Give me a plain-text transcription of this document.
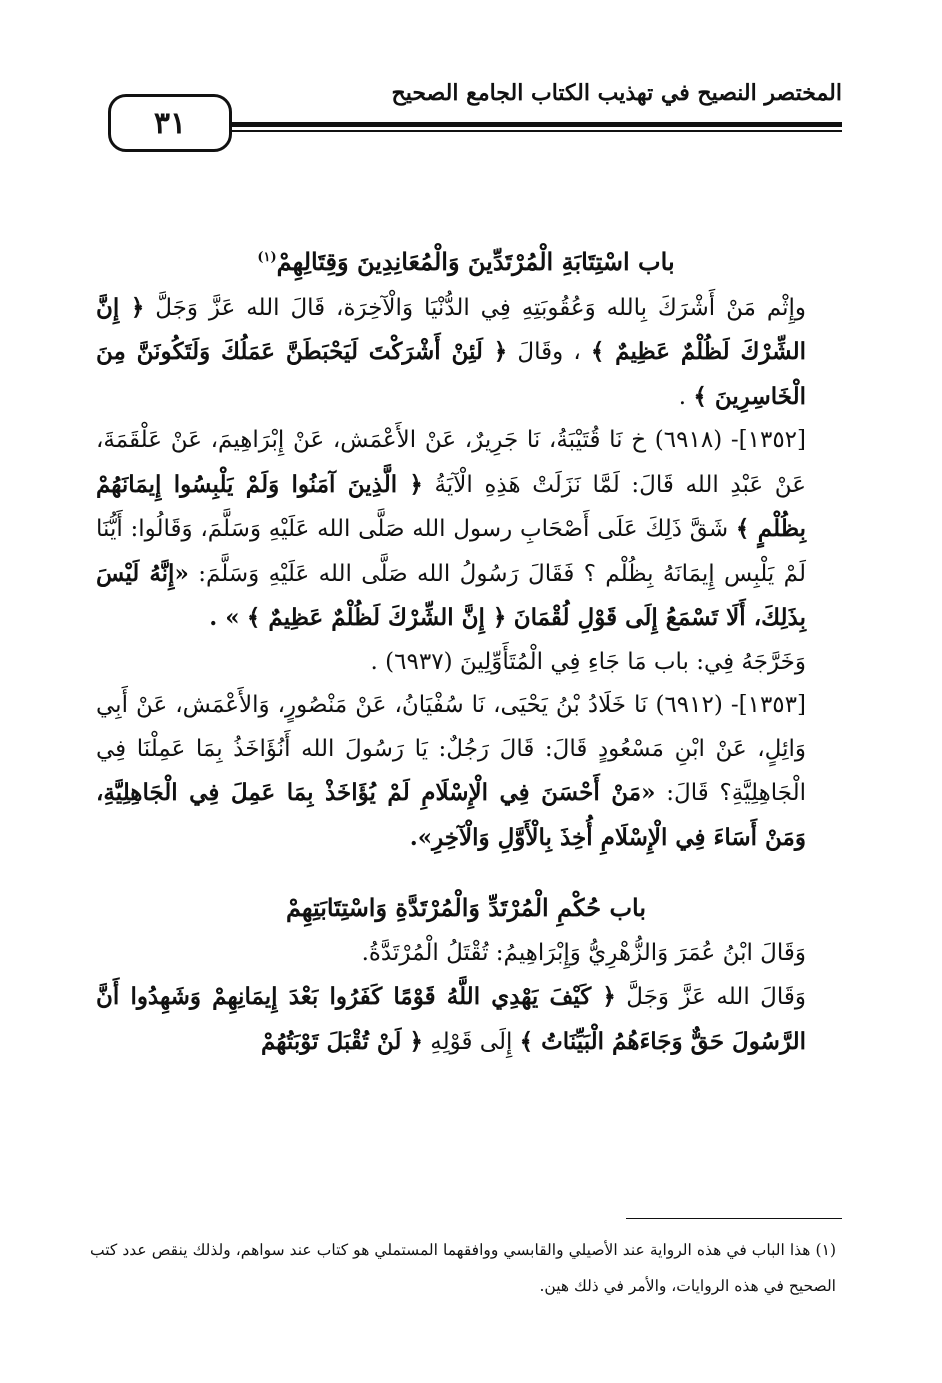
المختصر النصيح في تهذيب الكتاب الجامع الصحيح
٣١
باب اسْتِتَابَةِ الْمُرْتَدِّينَ وَالْمُعَانِدِينَ وَقِتَالِهِمْ$^{(١)}$

وإِثْم مَنْ أَشْرَكَ بِالله وَعُقُوبَتِهِ فِي الدُّنْيَا وَالْآخِرَة، قَالَ الله عَزَّ وَجَلَّ ﴿ إِنَّ الشِّرْكَ لَظُلْمٌ عَظِيمٌ ﴾ ، وقَالَ ﴿ لَئِنْ أَشْرَكْتَ لَيَحْبَطَنَّ عَمَلُكَ وَلَتَكُونَنَّ مِنَ الْخَاسِرِينَ ﴾ .

[١٣٥٢]- (٦٩١٨) خ نَا قُتَيْبَةُ، نَا جَرِيرٌ، عَنْ الأَعْمَش، عَنْ إِبْرَاهِيمَ، عَنْ عَلْقَمَةَ، عَنْ عَبْدِ الله قَالَ: لَمَّا نَزَلَتْ هَذِهِ الْآيَةُ ﴿ الَّذِينَ آمَنُوا وَلَمْ يَلْبِسُوا إِيمَانَهُمْ بِظُلْمٍ ﴾ شَقَّ ذَلِكَ عَلَى أَصْحَابِ رسول الله صَلَّى الله عَلَيْهِ وَسَلَّمَ، وَقَالُوا: أَيُّنَا لَمْ يَلْبِس إِيمَانَهُ بِظُلْم ؟ فَقَالَ رَسُولُ الله صَلَّى الله عَلَيْهِ وَسَلَّمَ: «إِنَّهُ لَيْسَ بِذَلِكَ، أَلَا تَسْمَعُ إِلَى قَوْلِ لُقْمَانَ ﴿ إِنَّ الشِّرْكَ لَظُلْمٌ عَظِيمٌ ﴾ » .

وَخَرَّجَهُ فِي: باب مَا جَاءِ فِي الْمُتَأَوِّلِينَ (٦٩٣٧) .

[١٣٥٣]- (٦٩١٢) نَا خَلَادُ بْنُ يَحْيَى، نَا سُفْيَانُ، عَنْ مَنْصُورٍ، وَالأَعْمَش، عَنْ أَبِي وَائِلٍ، عَنْ ابْنِ مَسْعُودٍ قَالَ: قَالَ رَجُلٌ: يَا رَسُولَ الله أَنُؤَاخَذُ بِمَا عَمِلْنَا فِي الْجَاهِلِيَّةِ؟ قَالَ: «مَنْ أَحْسَنَ فِي الْإِسْلَامِ لَمْ يُؤَاخَذْ بِمَا عَمِلَ فِي الْجَاهِلِيَّةِ، وَمَنْ أَسَاءَ فِي الْإِسْلَامِ أُخِذَ بِالْأَوَّلِ وَالْآخِرِ».

باب حُكْمِ الْمُرْتَدِّ وَالْمُرْتَدَّةِ وَاسْتِتَابَتِهِمْ

وَقَالَ ابْنُ عُمَرَ وَالزُّهْرِيُّ وَإِبْرَاهِيمُ: تُقْتَلُ الْمُرْتَدَّةُ.

وَقَالَ الله عَزَّ وَجَلَّ ﴿ كَيْفَ يَهْدِي اللَّهُ قَوْمًا كَفَرُوا بَعْدَ إِيمَانِهِمْ وَشَهِدُوا أَنَّ الرَّسُولَ حَقٌّ وَجَاءَهُمُ الْبَيِّنَاتُ ﴾ إِلَى قَوْلِهِ ﴿ لَنْ تُقْبَلَ تَوْبَتُهُمْ

(١) هذا الباب في هذه الرواية عند الأصيلي والقابسي ووافقهما المستملي هو كتاب عند سواهم، ولذلك ينقص عدد كتب الصحيح في هذه الروايات، والأمر في ذلك هين.
